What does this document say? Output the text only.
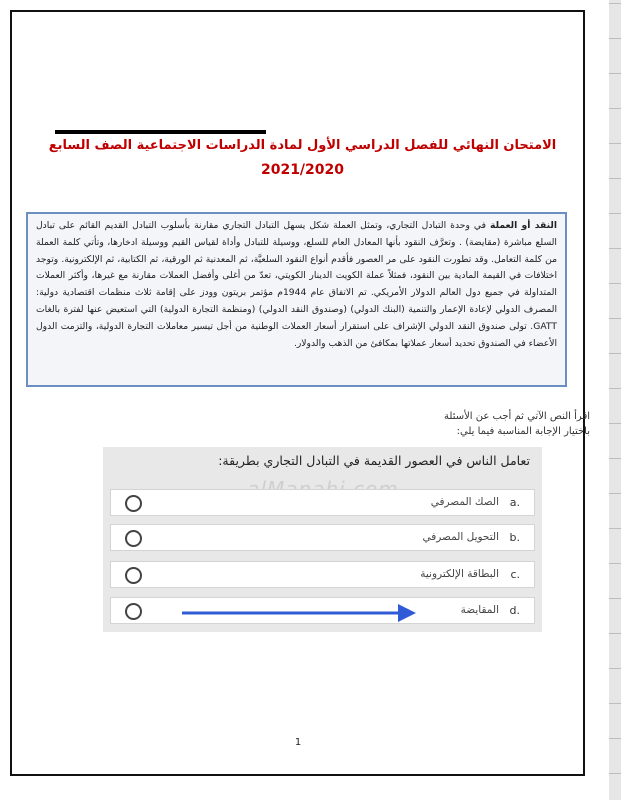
الامتحان النهائي للفصل الدراسي الأول لمادة الدراسات الاجتماعية الصف السابع
2021/2020

النقد أو العملة في وحدة التبادل التجاري، وتمثل العملة شكل يسهل التبادل التجاري مقارنة بأسلوب التبادل القديم القائم على تبادل السلع مباشرة (مقايضة) . وتعرَّف النقود بأنها المعادل العام للسلع، ووسيلة للتبادل وأداة لقياس القيم ووسيلة ادخارها، وتأتي كلمة العملة من كلمة التعامل. وقد تطورت النقود على مر العصور فأقدم أنواع النقود السلعيَّة، ثم المعدنية ثم الورقية، ثم الكتابية، ثم الإلكترونية. وتوجد اختلافات في القيمة المادية بين النقود، فمثلاً عملة الكويت الدينار الكويتي، تعدّ من أغلى وأفضل العملات مقارنة مع غيرها، وأكثر العملات المتداولة في جميع دول العالم الدولار الأمريكي. تم الاتفاق عام 1944م مؤتمر بريتون وودز على إقامة ثلاث منظمات اقتصادية دولية: المصرف الدولي لإعادة الإعمار والتنمية (البنك الدولي) (وصندوق النقد الدولي) (ومنظمة التجارة الدولية) التي استعيض عنها لفترة بالغات GATT. تولى صندوق النقد الدولي الإشراف على استقرار أسعار العملات الوطنية من أجل تيسير معاملات التجارة الدولية، والتزمت الدول الأعضاء في الصندوق تحديد أسعار عملاتها بمكافئ من الذهب والدولار.

اقرأ النص الآتي ثم أجب عن الأسئلة باختيار الإجابة المناسبة فيما يلي:
تعامل الناس في العصور القديمة في التبادل التجاري بطريقة:
الصك المصرفي a.
التحويل المصرفي b.
البطاقة الإلكترونية c.
المقايضة d.
1
